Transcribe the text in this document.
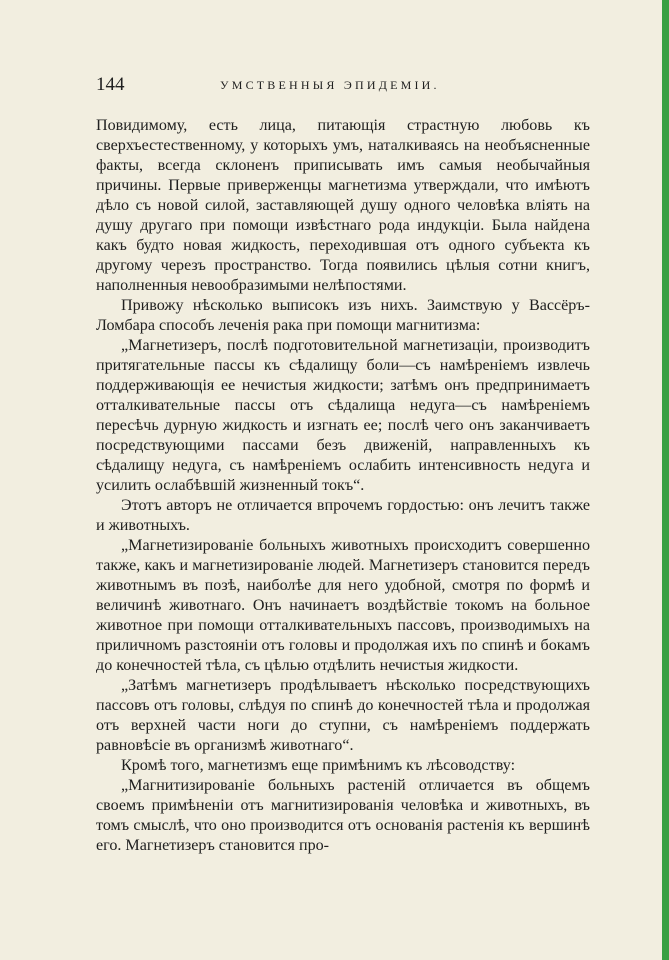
144	УМСТВЕННЫЯ ЭПИДЕМІИ.

Повидимому, есть лица, питающія страстную любовь къ сверхъестественному, у которыхъ умъ, наталкиваясь на необъясненные факты, всегда склоненъ приписывать имъ самыя необычайныя причины. Первые приверженцы магнетизма утверждали, что имѣютъ дѣло съ новой силой, заставляющей душу одного человѣка влiять на душу другаго при помощи извѣстнаго рода индукціи. Была найдена какъ будто новая жидкость, переходившая отъ одного субъекта къ другому черезъ пространство. Тогда появились цѣлыя сотни книгъ, наполненныя невообразимыми нелѣпостями.

Привожу нѣсколько выписокъ изъ нихъ. Заимствую у Вассёръ-Ломбара способъ леченія рака при помощи магнитизма:

„Магнетизеръ, послѣ подготовительной магнетизаціи, производитъ притягательные пассы къ сѣдалищу боли—съ намѣреніемъ извлечь поддерживающія ее нечистыя жидкости; затѣмъ онъ предпринимаетъ отталкивательные пассы отъ сѣдалища недуга—съ намѣреніемъ пересѣчь дурную жидкость и изгнать ее; послѣ чего онъ заканчиваетъ посредствующими пассами безъ движеній, направленныхъ къ сѣдалищу недуга, съ намѣреніемъ ослабить интенсивность недуга и усилить ослабѣвшій жизненный токъ“.

Этотъ авторъ не отличается впрочемъ гордостью: онъ лечитъ также и животныхъ.

„Магнетизированіе больныхъ животныхъ происходитъ совершенно также, какъ и магнетизированіе людей. Магнетизеръ становится передъ животнымъ въ позѣ, наиболѣе для него удобной, смотря по формѣ и величинѣ животнаго. Онъ начинаетъ воздѣйствіе токомъ на больное животное при помощи отталкивательныхъ пассовъ, производимыхъ на приличномъ разстояніи отъ головы и продолжая ихъ по спинѣ и бокамъ до конечностей тѣла, съ цѣлью отдѣлить нечистыя жидкости.

„Затѣмъ магнетизеръ продѣлываетъ нѣсколько посредствующихъ пассовъ отъ головы, слѣдуя по спинѣ до конечностей тѣла и продолжая отъ верхней части ноги до ступни, съ намѣреніемъ поддержать равновѣсіе въ организмѣ животнаго“.

Кромѣ того, магнетизмъ еще примѣнимъ къ лѣсоводству:

„Магнитизированіе больныхъ растеній отличается въ общемъ своемъ примѣненіи отъ магнитизированія человѣка и животныхъ, въ томъ смыслѣ, что оно производится отъ основанія растенія къ вершинѣ его. Магнетизеръ становится про-
